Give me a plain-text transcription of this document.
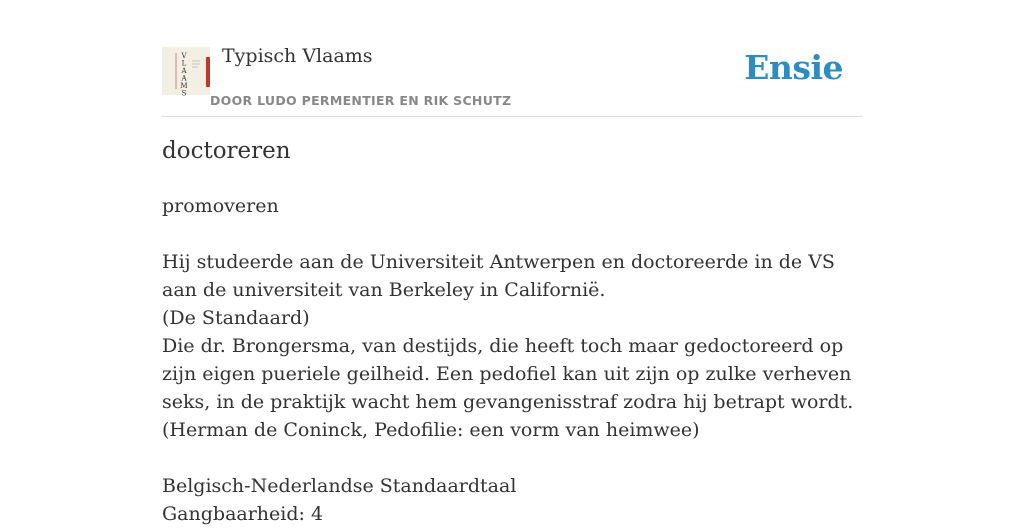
V L A A M S
Typisch Vlaams
DOOR LUDO PERMENTIER EN RIK SCHUTZ
Ensie
doctoreren

promoveren

Hij studeerde aan de Universiteit Antwerpen en doctoreerde in de VS aan de universiteit van Berkeley in Californië.

(De Standaard)

Die dr. Brongersma, van destijds, die heeft toch maar gedoctoreerd op zijn eigen pueriele geilheid. Een pedofiel kan uit zijn op zulke verheven seks, in de praktijk wacht hem gevangenisstraf zodra hij betrapt wordt.

(Herman de Coninck, Pedofilie: een vorm van heimwee)

Belgisch-Nederlandse Standaardtaal

Gangbaarheid: 4
